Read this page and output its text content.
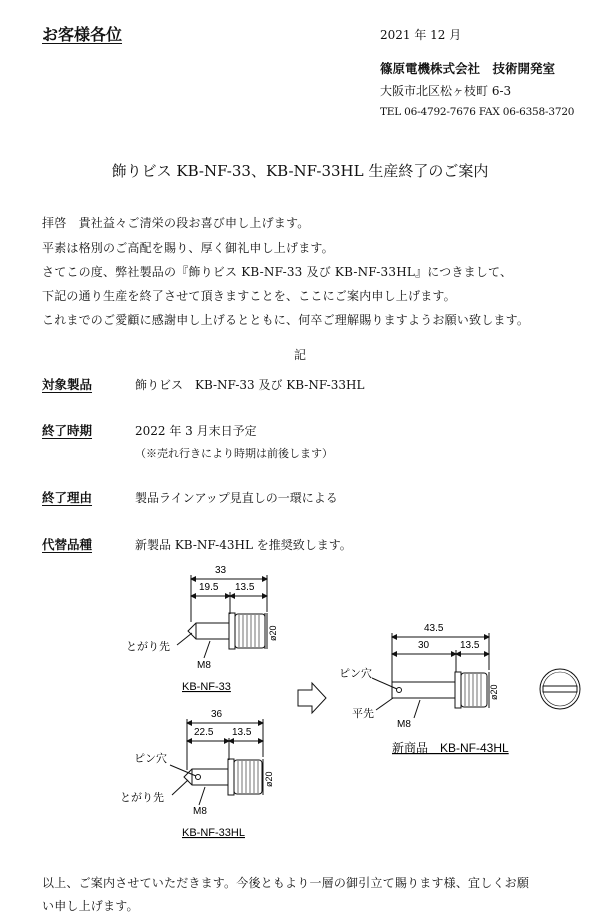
お客様各位	2021 年 12 月
篠原電機株式会社　技術開発室
大阪市北区松ヶ枝町 6-3
TEL 06-4792-7676 FAX 06-6358-3720
飾りビス KB-NF-33、KB-NF-33HL 生産終了のご案内
拝啓　貴社益々ご清栄の段お喜び申し上げます。
平素は格別のご高配を賜り、厚く御礼申し上げます。
さてこの度、弊社製品の『飾りビス KB-NF-33 及び KB-NF-33HL』につきまして、
下記の通り生産を終了させて頂きますことを、ここにご案内申し上げます。
これまでのご愛顧に感謝申し上げるとともに、何卒ご理解賜りますようお願い致します。
記
対象製品	飾りビス　KB-NF-33 及び KB-NF-33HL
終了時期	2022 年 3 月末日予定
（※売れ行きにより時期は前後します）
終了理由	製品ラインアップ見直しの一環による
代替品種	新製品 KB-NF-43HL を推奨致します。
33
19.5 13.5
ø20
とがり先
M8
KB-NF-33
36
22.5 13.5
ø20
ピン穴
とがり先
M8
KB-NF-33HL
43.5
30	13.5
ø20
ピン穴
平先
M8
新商品　KB-NF-43HL
以上、ご案内させていただきます。今後ともより一層の御引立て賜ります様、宜しくお願
い申し上げます。
